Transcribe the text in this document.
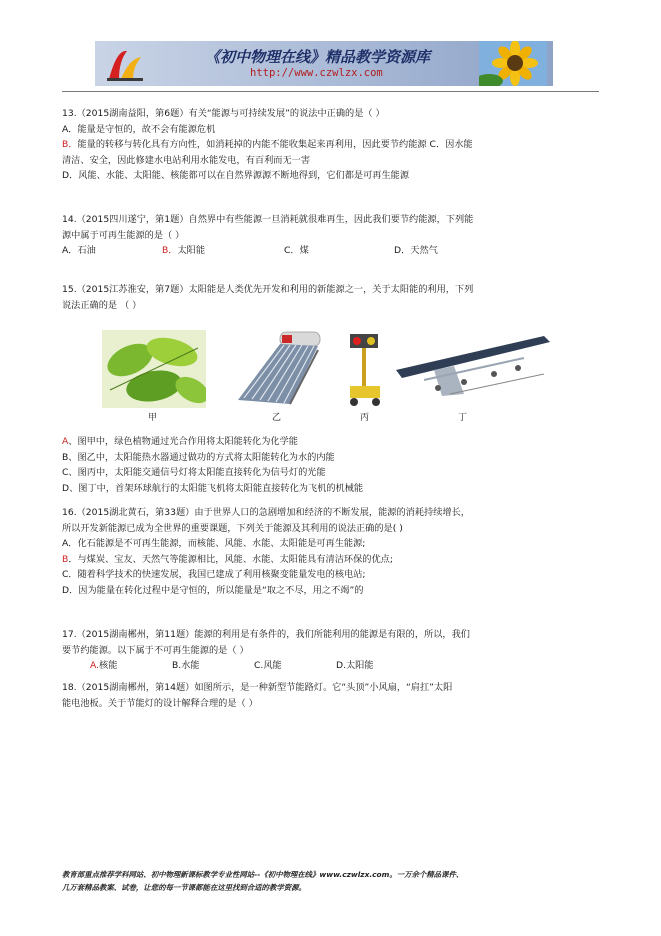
《初中物理在线》精品教学资源库
http://www.czwlzx.com

13.（2015湖南益阳，第6题）有关“能源与可持续发展”的说法中正确的是（ ）

A．能量是守恒的，故不会有能源危机

B．能量的转移与转化具有方向性，如消耗掉的内能不能收集起来再利用，因此要节约能源 C．因水能

清洁、安全，因此修建水电站利用水能发电，有百利而无一害

D．风能、水能、太阳能、核能都可以在自然界源源不断地得到，它们都是可再生能源

14.（2015四川遂宁，第1题）自然界中有些能源一旦消耗就很难再生，因此我们要节约能源，下列能

源中属于可再生能源的是（ ）

A．石油	B．太阳能	C．煤	D．天然气

15.（2015江苏淮安，第7题）太阳能是人类优先开发和利用的新能源之一，关于太阳能的利用，下列

说法正确的是 （ ）

甲	乙	丙	丁

A、图甲中，绿色植物通过光合作用将太阳能转化为化学能

B、图乙中，太阳能热水器通过做功的方式将太阳能转化为水的内能

C、图丙中，太阳能交通信号灯将太阳能直接转化为信号灯的光能

D、图丁中，首架环球航行的太阳能飞机将太阳能直接转化为飞机的机械能

16.（2015湖北黄石，第33题）由于世界人口的急剧增加和经济的不断发展，能源的消耗持续增长，

所以开发新能源已成为全世界的重要课题，下列关于能源及其利用的说法正确的是( )

A．化石能源是不可再生能源，而核能、风能、水能、太阳能是可再生能源;

B．与煤炭、宝友、天然气等能源相比，风能、水能、太阳能具有清洁环保的优点;

C．随着科学技术的快速发展，我国已建成了利用核聚变能量发电的核电站;

D．因为能量在转化过程中是守恒的，所以能量是“取之不尽，用之不竭”的

17.（2015湖南郴州，第11题）能源的利用是有条件的，我们所能利用的能源是有限的，所以，我们

要节约能源。以下属于不可再生能源的是（ ）

A.核能	B.水能	C.风能	D.太阳能

18.（2015湖南郴州，第14题）如图所示，是一种新型节能路灯。它“头顶”小风扇，“肩扛”太阳

能电池板。关于节能灯的设计解释合理的是（ ）

教育部重点推荐学科网站、初中物理新课标教学专业性网站--《初中物理在线》www.czwlzx.com。一万余个精品课件、

几万套精品教案、试卷，让您的每一节课都能在这里找到合适的教学资源。
